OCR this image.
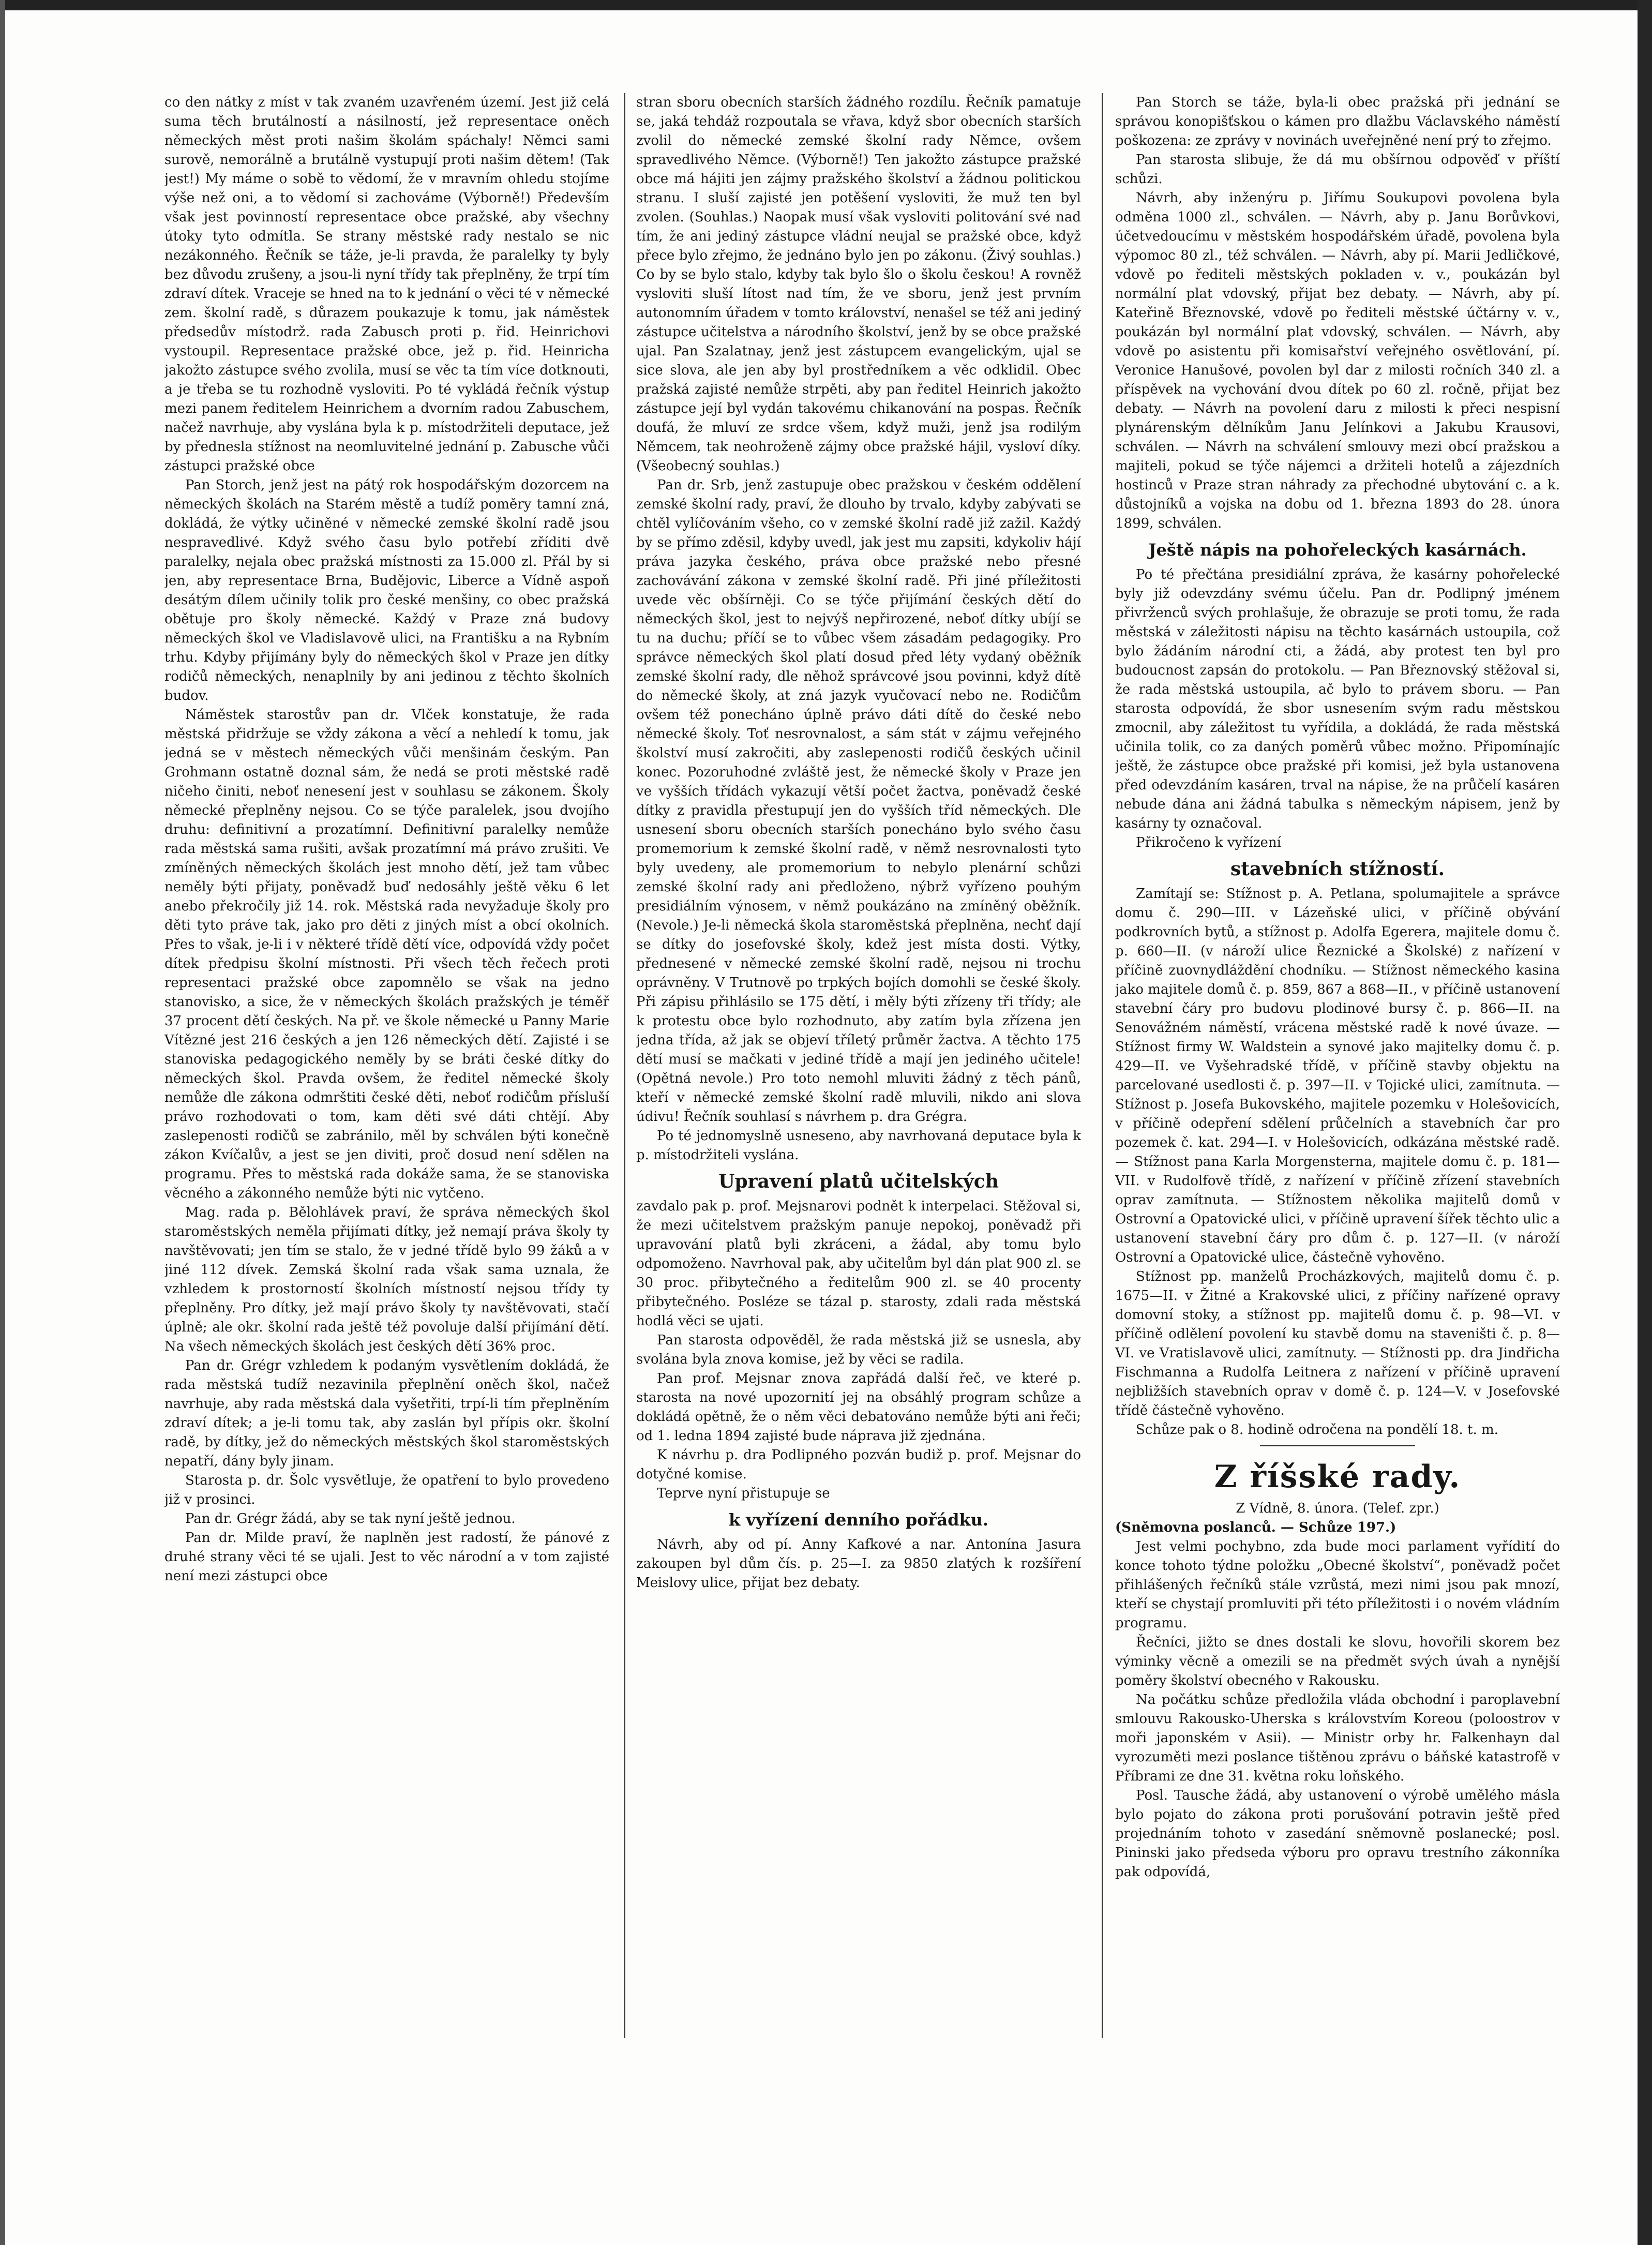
co den nátky z míst v tak zvaném uzavřeném území. Jest již celá suma těch brutálností a násilností, jež representace oněch německých měst proti našim školám spáchaly! Němci sami surově, nemorálně a brutálně vystupují proti našim dětem! (Tak jest!) My máme o sobě to vědomí, že v mravním ohledu stojíme výše než oni, a to vědomí si zachováme (Výborně!) Především však jest povinností representace obce pražské, aby všechny útoky tyto odmítla. Se strany městské rady nestalo se nic nezákonného. Řečník se táže, je-li pravda, že paralelky ty byly bez důvodu zrušeny, a jsou-li nyní třídy tak přeplněny, že trpí tím zdraví dítek. Vraceje se hned na to k jednání o věci té v německé zem. školní radě, s důrazem poukazuje k tomu, jak náměstek předsedův místodrž. rada Zabusch proti p. řid. Heinrichovi vystoupil. Representace pražské obce, jež p. řid. Heinricha jakožto zástupce svého zvolila, musí se věc ta tím více dotknouti, a je třeba se tu rozhodně vysloviti. Po té vykládá řečník výstup mezi panem ředitelem Heinrichem a dvorním radou Zabuschem, načež navrhuje, aby vyslána byla k p. místodržiteli deputace, jež by přednesla stížnost na neomluvitelné jednání p. Zabusche vůči zástupci pražské obce

Pan Storch, jenž jest na pátý rok hospodářským dozorcem na německých školách na Starém městě a tudíž poměry tamní zná, dokládá, že výtky učiněné v německé zemské školní radě jsou nespravedlivé. Když svého času bylo potřebí zříditi dvě paralelky, nejala obec pražská místnosti za 15.000 zl. Přál by si jen, aby representace Brna, Budějovic, Liberce a Vídně aspoň desátým dílem učinily tolik pro české menšiny, co obec pražská obětuje pro školy německé. Každý v Praze zná budovy německých škol ve Vladislavově ulici, na Františku a na Rybním trhu. Kdyby přijímány byly do německých škol v Praze jen dítky rodičů německých, nenaplnily by ani jedinou z těchto školních budov.

Náměstek starostův pan dr. Vlček konstatuje, že rada městská přidržuje se vždy zákona a věcí a nehledí k tomu, jak jedná se v městech německých vůči menšinám českým. Pan Grohmann ostatně doznal sám, že nedá se proti městské radě ničeho činiti, neboť nenesení jest v souhlasu se zákonem. Školy německé přeplněny nejsou. Co se týče paralelek, jsou dvojího druhu: definitivní a prozatímní. Definitivní paralelky nemůže rada městská sama rušiti, avšak prozatímní má právo zrušiti. Ve zmíněných německých školách jest mnoho dětí, jež tam vůbec neměly býti přijaty, poněvadž buď nedosáhly ještě věku 6 let anebo překročily již 14. rok. Městská rada nevyžaduje školy pro děti tyto práve tak, jako pro děti z jiných míst a obcí okolních. Přes to však, je-li i v některé třídě dětí více, odpovídá vždy počet dítek předpisu školní místnosti. Při všech těch řečech proti representaci pražské obce zapomnělo se však na jedno stanovisko, a sice, že v německých školách pražských je téměř 37 procent dětí českých. Na př. ve škole německé u Panny Marie Vítězné jest 216 českých a jen 126 německých dětí. Zajisté i se stanoviska pedagogického neměly by se bráti české dítky do německých škol. Pravda ovšem, že ředitel německé školy nemůže dle zákona odmrštiti české děti, neboť rodičům přísluší právo rozhodovati o tom, kam děti své dáti chtějí. Aby zaslepenosti rodičů se zabránilo, měl by schválen býti konečně zákon Kvíčalův, a jest se jen diviti, proč dosud není sdělen na programu. Přes to městská rada dokáže sama, že se stanoviska věcného a zákonného nemůže býti nic vytčeno.

Mag. rada p. Bělohlávek praví, že správa německých škol staroměstských neměla přijímati dítky, jež nemají práva školy ty navštěvovati; jen tím se stalo, že v jedné třídě bylo 99 žáků a v jiné 112 dívek. Zemská školní rada však sama uznala, že vzhledem k prostorností školních místností nejsou třídy ty přeplněny. Pro dítky, jež mají právo školy ty navštěvovati, stačí úplně; ale okr. školní rada ještě též povoluje další přijímání dětí. Na všech německých školách jest českých dětí 36% proc.

Pan dr. Grégr vzhledem k podaným vysvětlením dokládá, že rada městská tudíž nezavinila přeplnění oněch škol, načež navrhuje, aby rada městská dala vyšetřiti, trpí-li tím přeplněním zdraví dítek; a je-li tomu tak, aby zaslán byl přípis okr. školní radě, by dítky, jež do německých městských škol staroměstských nepatří, dány byly jinam.

Starosta p. dr. Šolc vysvětluje, že opatření to bylo provedeno již v prosinci.

Pan dr. Grégr žádá, aby se tak nyní ještě jednou.

Pan dr. Milde praví, že naplněn jest radostí, že pánové z druhé strany věci té se ujali. Jest to věc národní a v tom zajisté není mezi zástupci obce

stran sboru obecních starších žádného rozdílu. Řečník pamatuje se, jaká tehdáž rozpoutala se vřava, když sbor obecních starších zvolil do německé zemské školní rady Němce, ovšem spravedlivého Němce. (Výborně!) Ten jakožto zástupce pražské obce má hájiti jen zájmy pražského školství a žádnou politickou stranu. I sluší zajisté jen potěšení vysloviti, že muž ten byl zvolen. (Souhlas.) Naopak musí však vysloviti politování své nad tím, že ani jediný zástupce vládní neujal se pražské obce, když přece bylo zřejmo, že jednáno bylo jen po zákonu. (Živý souhlas.) Co by se bylo stalo, kdyby tak bylo šlo o školu českou! A rovněž vysloviti sluší lítost nad tím, že ve sboru, jenž jest prvním autonomním úřadem v tomto království, nenašel se též ani jediný zástupce učitelstva a národního školství, jenž by se obce pražské ujal. Pan Szalatnay, jenž jest zástupcem evangelickým, ujal se sice slova, ale jen aby byl prostředníkem a věc odklidil. Obec pražská zajisté nemůže strpěti, aby pan ředitel Heinrich jakožto zástupce její byl vydán takovému chikanování na pospas. Řečník doufá, že mluví ze srdce všem, když muži, jenž jsa rodilým Němcem, tak neohroženě zájmy obce pražské hájil, vysloví díky. (Všeobecný souhlas.)

Pan dr. Srb, jenž zastupuje obec pražskou v českém oddělení zemské školní rady, praví, že dlouho by trvalo, kdyby zabývati se chtěl vylíčováním všeho, co v zemské školní radě již zažil. Každý by se přímo zděsil, kdyby uvedl, jak jest mu zapsiti, kdykoliv hájí práva jazyka českého, práva obce pražské nebo přesné zachovávání zákona v zemské školní radě. Při jiné příležitosti uvede věc obšírněji. Co se týče přijímání českých dětí do německých škol, jest to nejvýš nepřirozené, neboť dítky ubíjí se tu na duchu; příčí se to vůbec všem zásadám pedagogiky. Pro správce německých škol platí dosud před léty vydaný oběžník zemské školní rady, dle něhož správcové jsou povinni, když dítě do německé školy, at zná jazyk vyučovací nebo ne. Rodičům ovšem též ponecháno úplně právo dáti dítě do české nebo německé školy. Toť nesrovnalost, a sám stát v zájmu veřejného školství musí zakročiti, aby zaslepenosti rodičů českých učinil konec. Pozoruhodné zvláště jest, že německé školy v Praze jen ve vyšších třídách vykazují větší počet žactva, poněvadž české dítky z pravidla přestupují jen do vyšších tříd německých. Dle usnesení sboru obecních starších ponecháno bylo svého času promemorium k zemské školní radě, v němž nesrovnalosti tyto byly uvedeny, ale promemorium to nebylo plenární schůzi zemské školní rady ani předloženo, nýbrž vyřízeno pouhým presidiálním výnosem, v němž poukázáno na zmíněný oběžník. (Nevole.) Je-li německá škola staroměstská přeplněna, nechť dají se dítky do josefovské školy, kdež jest místa dosti. Výtky, přednesené v německé zemské školní radě, nejsou ni trochu oprávněny. V Trutnově po trpkých bojích domohli se české školy. Při zápisu přihlásilo se 175 dětí, i měly býti zřízeny tři třídy; ale k protestu obce bylo rozhodnuto, aby zatím byla zřízena jen jedna třída, až jak se objeví tříletý průměr žactva. A těchto 175 dětí musí se mačkati v jediné třídě a mají jen jediného učitele! (Opětná nevole.) Pro toto nemohl mluviti žádný z těch pánů, kteří v německé zemské školní radě mluvili, nikdo ani slova údivu! Řečník souhlasí s návrhem p. dra Grégra.

Po té jednomyslně usneseno, aby navrhovaná deputace byla k p. místodržiteli vyslána.

Upravení platů učitelských

zavdalo pak p. prof. Mejsnarovi podnět k interpelaci. Stěžoval si, že mezi učitelstvem pražským panuje nepokoj, poněvadž při upravování platů byli zkráceni, a žádal, aby tomu bylo odpomoženo. Navrhoval pak, aby učitelům byl dán plat 900 zl. se 30 proc. přibytečného a ředitelům 900 zl. se 40 procenty přibytečného. Posléze se tázal p. starosty, zdali rada městská hodlá věci se ujati.

Pan starosta odpověděl, že rada městská již se usnesla, aby svolána byla znova komise, jež by věci se radila.

Pan prof. Mejsnar znova zapřádá další řeč, ve které p. starosta na nové upozornití jej na obsáhlý program schůze a dokládá opětně, že o něm věci debatováno nemůže býti ani řeči; od 1. ledna 1894 zajisté bude náprava již zjednána.

K návrhu p. dra Podlipného pozván budiž p. prof. Mejsnar do dotyčné komise.

Teprve nyní přistupuje se

k vyřízení denního pořádku.

Návrh, aby od pí. Anny Kafkové a nar. Antonína Jasura zakoupen byl dům čís. p. 25—I. za 9850 zlatých k rozšíření Meislovy ulice, přijat bez debaty.

Pan Storch se táže, byla-li obec pražská při jednání se správou konopišťskou o kámen pro dlažbu Václavského náměstí poškozena: ze zprávy v novinách uveřejněné není prý to zřejmo.

Pan starosta slibuje, že dá mu obšírnou odpověď v příští schůzi.

Návrh, aby inženýru p. Jiřímu Soukupovi povolena byla odměna 1000 zl., schválen. — Návrh, aby p. Janu Borůvkovi, účetvedoucímu v městském hospodářském úřadě, povolena byla výpomoc 80 zl., též schválen. — Návrh, aby pí. Marii Jedličkové, vdově po řediteli městských pokladen v. v., poukázán byl normální plat vdovský, přijat bez debaty. — Návrh, aby pí. Kateřině Březnovské, vdově po řediteli městské účtárny v. v., poukázán byl normální plat vdovský, schválen. — Návrh, aby vdově po asistentu při komisařství veřejného osvětlování, pí. Veronice Hanušové, povolen byl dar z milosti ročních 340 zl. a příspěvek na vychování dvou dítek po 60 zl. ročně, přijat bez debaty. — Návrh na povolení daru z milosti k přeci nespisní plynárenským dělníkům Janu Jelínkovi a Jakubu Krausovi, schválen. — Návrh na schválení smlouvy mezi obcí pražskou a majiteli, pokud se týče nájemci a držiteli hotelů a zájezdních hostinců v Praze stran náhrady za přechodné ubytování c. a k. důstojníků a vojska na dobu od 1. března 1893 do 28. února 1899, schválen.

Ještě nápis na pohořeleckých kasárnách.

Po té přečtána presidiální zpráva, že kasárny pohořelecké byly již odevzdány svému účelu. Pan dr. Podlipný jménem přivrženců svých prohlašuje, že obrazuje se proti tomu, že rada městská v záležitosti nápisu na těchto kasárnách ustoupila, což bylo žádáním národní cti, a žádá, aby protest ten byl pro budoucnost zapsán do protokolu. — Pan Březnovský stěžoval si, že rada městská ustoupila, ač bylo to právem sboru. — Pan starosta odpovídá, že sbor usnesením svým radu městskou zmocnil, aby záležitost tu vyřídila, a dokládá, že rada městská učinila tolik, co za daných poměrů vůbec možno. Připomínajíc ještě, že zástupce obce pražské při komisi, jež byla ustanovena před odevzdáním kasáren, trval na nápise, že na průčelí kasáren nebude dána ani žádná tabulka s německým nápisem, jenž by kasárny ty označoval.

Přikročeno k vyřízení

stavebních stížností.

Zamítají se: Stížnost p. A. Petlana, spolumajitele a správce domu č. 290—III. v Lázeňské ulici, v příčině obývání podkrovních bytů, a stížnost p. Adolfa Egerera, majitele domu č. p. 660—II. (v nároží ulice Řeznické a Školské) z nařízení v příčině zuovnydláždění chodníku. — Stížnost německého kasina jako majitele domů č. p. 859, 867 a 868—II., v příčině ustanovení stavební čáry pro budovu plodinové bursy č. p. 866—II. na Senovážném náměstí, vrácena městské radě k nové úvaze. — Stížnost firmy W. Waldstein a synové jako majitelky domu č. p. 429—II. ve Vyšehradské třídě, v příčině stavby objektu na parcelované usedlosti č. p. 397—II. v Tojické ulici, zamítnuta. — Stížnost p. Josefa Bukovského, majitele pozemku v Holešovicích, v příčině odepření sdělení průčelních a stavebních čar pro pozemek č. kat. 294—I. v Holešovicích, odkázána městské radě. — Stížnost pana Karla Morgensterna, majitele domu č. p. 181—VII. v Rudolfově třídě, z nařízení v příčině zřízení stavebních oprav zamítnuta. — Stížnostem několika majitelů domů v Ostrovní a Opatovické ulici, v příčině upravení šířek těchto ulic a ustanovení stavební čáry pro dům č. p. 127—II. (v nároží Ostrovní a Opatovické ulice, částečně vyhověno.

Stížnost pp. manželů Procházkových, majitelů domu č. p. 1675—II. v Žitné a Krakovské ulici, z příčiny nařízené opravy domovní stoky, a stížnost pp. majitelů domu č. p. 98—VI. v příčině odlělení povolení ku stavbě domu na staveništi č. p. 8—VI. ve Vratislavově ulici, zamítnuty. — Stížnosti pp. dra Jindřicha Fischmanna a Rudolfa Leitnera z nařízení v příčině upravení nejbližších stavebních oprav v domě č. p. 124—V. v Josefovské třídě částečně vyhověno.

Schůze pak o 8. hodině odročena na pondělí 18. t. m.

Z říšské rady.

Z Vídně, 8. února. (Telef. zpr.)

(Sněmovna poslanců. — Schůze 197.)

Jest velmi pochybno, zda bude moci parlament vyřídití do konce tohoto týdne položku „Obecné školství“, poněvadž počet přihlášených řečníků stále vzrůstá, mezi nimi jsou pak mnozí, kteří se chystají promluviti při této příležitosti i o novém vládním programu.

Řečníci, jižto se dnes dostali ke slovu, hovořili skorem bez výminky věcně a omezili se na předmět svých úvah a nynější poměry školství obecného v Rakousku.

Na počátku schůze předložila vláda obchodní i paroplavební smlouvu Rakousko-Uherska s královstvím Koreou (poloostrov v moři japonském v Asii). — Ministr orby hr. Falkenhayn dal vyrozuměti mezi poslance tištěnou zprávu o báňské katastrofě v Příbrami ze dne 31. května roku loňského.

Posl. Tausche žádá, aby ustanovení o výrobě umělého másla bylo pojato do zákona proti porušování potravin ještě před projednáním tohoto v zasedání sněmovně poslanecké; posl. Pininski jako předseda výboru pro opravu trestního zákonníka pak odpovídá,
